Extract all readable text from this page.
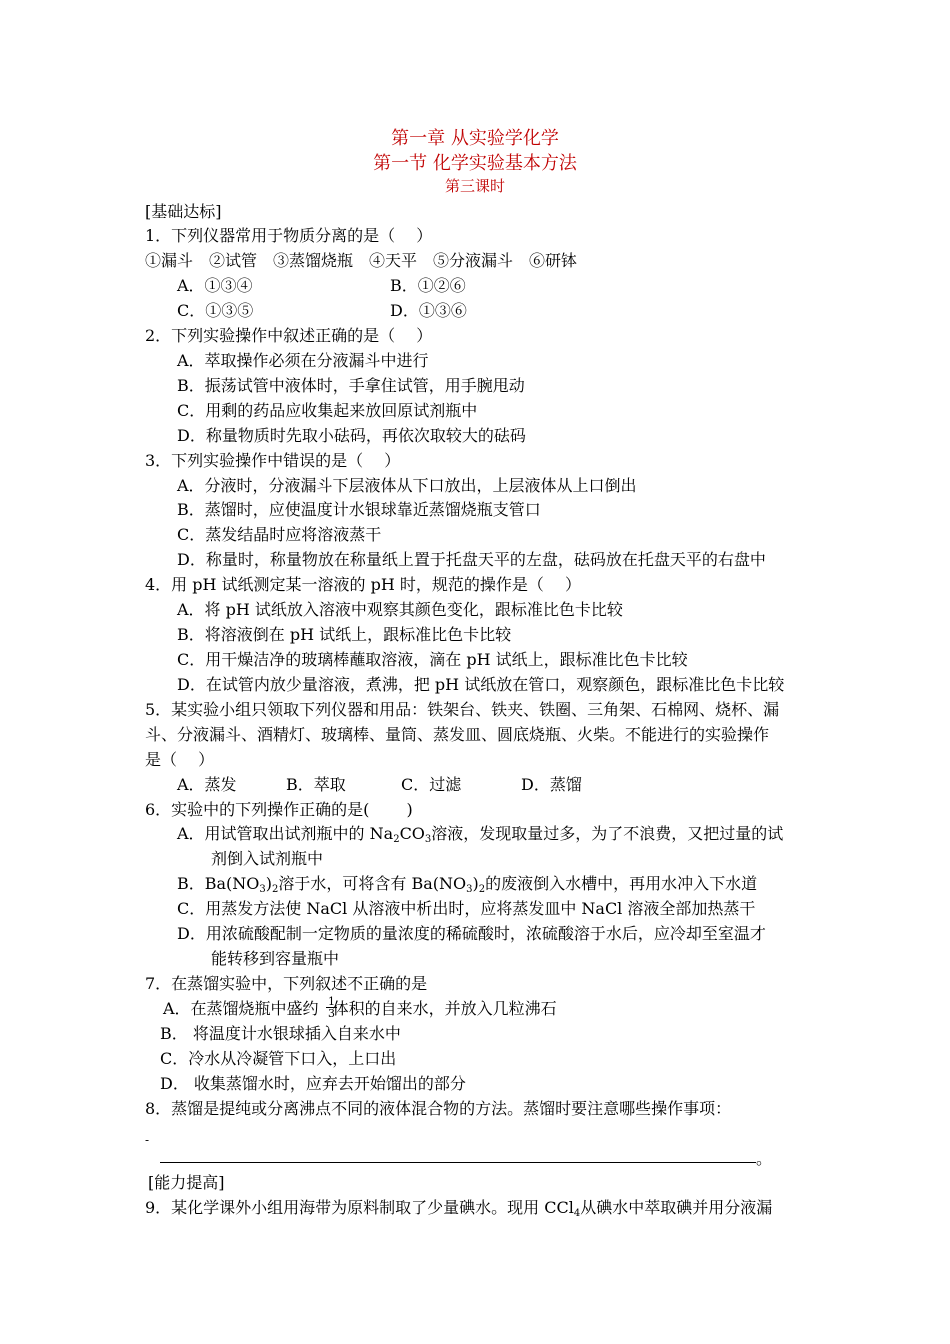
第一章 从实验学化学
第一节 化学实验基本方法
第三课时
[基础达标]
1．下列仪器常用于物质分离的是（　 ）
①漏斗　②试管　③蒸馏烧瓶　④天平　⑤分液漏斗　⑥研钵
A．①③④	B．①②⑥
C．①③⑤	D．①③⑥
2．下列实验操作中叙述正确的是（　 ）
A．萃取操作必须在分液漏斗中进行
B．振荡试管中液体时，手拿住试管，用手腕甩动
C．用剩的药品应收集起来放回原试剂瓶中
D．称量物质时先取小砝码，再依次取较大的砝码
3．下列实验操作中错误的是（　 ）
A．分液时，分液漏斗下层液体从下口放出，上层液体从上口倒出
B．蒸馏时，应使温度计水银球靠近蒸馏烧瓶支管口
C．蒸发结晶时应将溶液蒸干
D．称量时，称量物放在称量纸上置于托盘天平的左盘，砝码放在托盘天平的右盘中
4．用 pH 试纸测定某一溶液的 pH 时，规范的操作是（　 ）
A．将 pH 试纸放入溶液中观察其颜色变化，跟标准比色卡比较
B．将溶液倒在 pH 试纸上，跟标准比色卡比较
C．用干燥洁净的玻璃棒蘸取溶液，滴在 pH 试纸上，跟标准比色卡比较
D．在试管内放少量溶液，煮沸，把 pH 试纸放在管口，观察颜色，跟标准比色卡比较
5．某实验小组只领取下列仪器和用品：铁架台、铁夹、铁圈、三角架、石棉网、烧杯、漏
斗、分液漏斗、酒精灯、玻璃棒、量筒、蒸发皿、圆底烧瓶、火柴。不能进行的实验操作
是（　 ）
A．蒸发	B．萃取	C．过滤	D．蒸馏
6．实验中的下列操作正确的是(　　 )
A．用试管取出试剂瓶中的 $Na_2CO_3$溶液，发现取量过多，为了不浪费，又把过量的试
剂倒入试剂瓶中
B．$Ba(NO_3)_2$溶于水，可将含有 $Ba(NO_3)_2$的废液倒入水槽中，再用水冲入下水道
C．用蒸发方法使 NaCl 从溶液中析出时，应将蒸发皿中 NaCl 溶液全部加热蒸干
D．用浓硫酸配制一定物质的量浓度的稀硫酸时，浓硫酸溶于水后，应冷却至室温才
能转移到容量瓶中
7．在蒸馏实验中，下列叙述不正确的是
A．在蒸馏烧瓶中盛约 体积的自来水，并放入几粒沸石
$\frac{1}{3}$
B． 将温度计水银球插入自来水中
C．冷水从冷凝管下口入，上口出
D． 收集蒸馏水时，应弃去开始馏出的部分
8．蒸馏是提纯或分离沸点不同的液体混合物的方法。蒸馏时要注意哪些操作事项：
-
。
[能力提高]
9．某化学课外小组用海带为原料制取了少量碘水。现用 CCl$_4$从碘水中萃取碘并用分液漏
